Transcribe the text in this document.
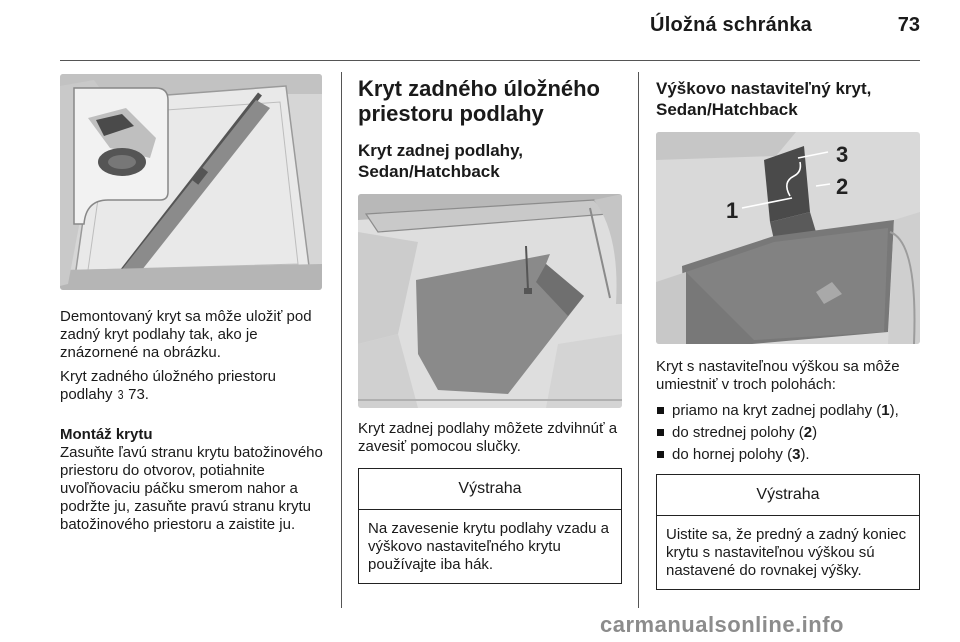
Úložná schránka	73

Demontovaný kryt sa môže uložiť pod zadný kryt podlahy tak, ako je znázornené na obrázku.

Kryt zadného úložného priestoru podlahy 3 73.

Montáž krytu

Zasuňte ľavú stranu krytu batožinového priestoru do otvorov, potiahnite uvoľňovaciu páčku smerom nahor a podržte ju, zasuňte pravú stranu krytu batožinového priestoru a zaistite ju.

Kryt zadného úložného priestoru podlahy
Kryt zadnej podlahy, Sedan/Hatchback

Kryt zadnej podlahy môžete zdvihnúť a zavesiť pomocou slučky.

Výstraha
Na zavesenie krytu podlahy vzadu a výškovo nastaviteľného krytu používajte iba hák.
Výškovo nastaviteľný kryt, Sedan/Hatchback
1
2
3

Kryt s nastaviteľnou výškou sa môže umiestniť v troch polohách:

priamo na kryt zadnej podlahy (1),
do strednej polohy (2)
do hornej polohy (3).
Výstraha
Uistite sa, že predný a zadný koniec krytu s nastaviteľnou výškou sú nastavené do rovnakej výšky.
carmanualsonline.info
